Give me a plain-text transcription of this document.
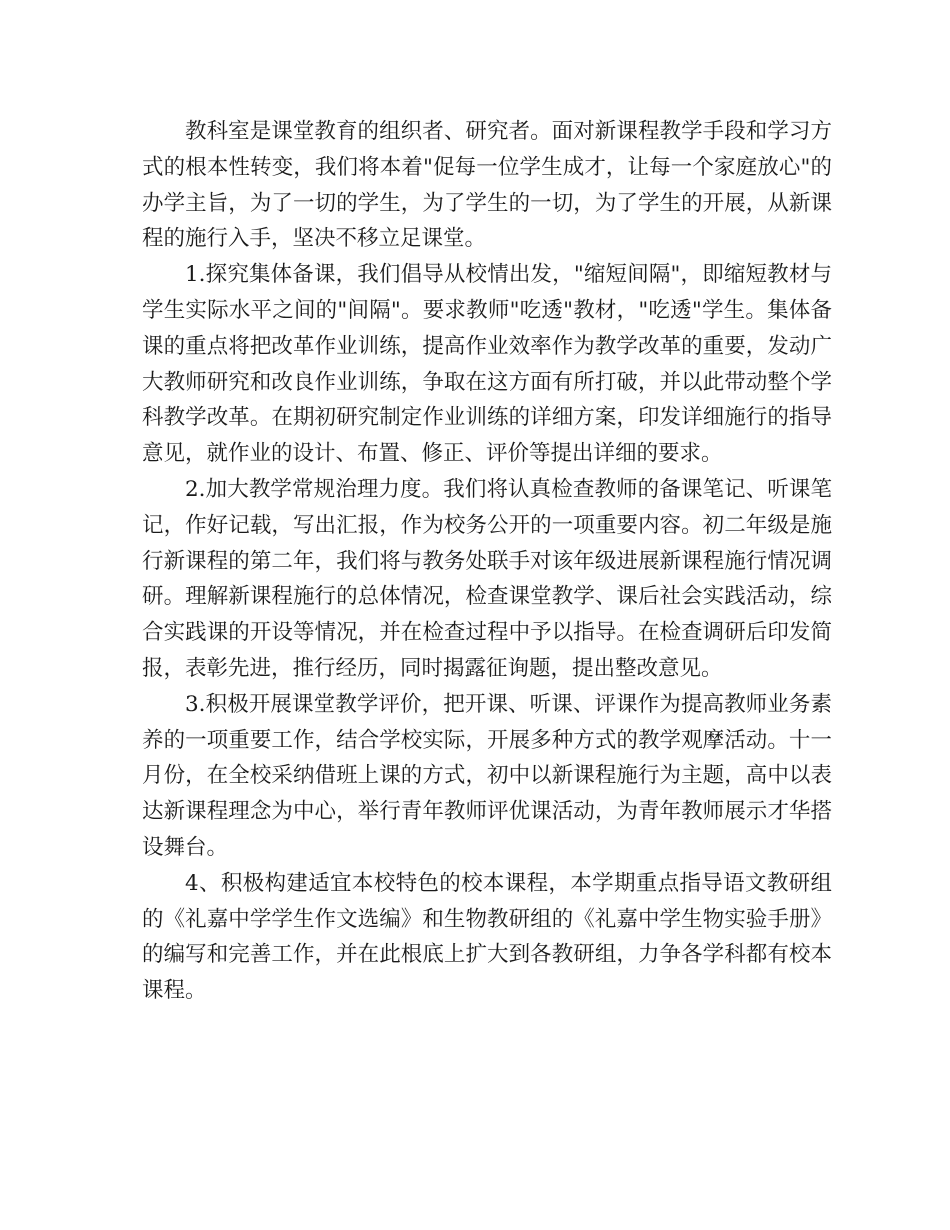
教科室是课堂教育的组织者、研究者。面对新课程教学手段和学习方式的根本性转变，我们将本着"促每一位学生成才，让每一个家庭放心"的办学主旨，为了一切的学生，为了学生的一切，为了学生的开展，从新课程的施行入手，坚决不移立足课堂。

1.探究集体备课，我们倡导从校情出发，"缩短间隔"，即缩短教材与学生实际水平之间的"间隔"。要求教师"吃透"教材，"吃透"学生。集体备课的重点将把改革作业训练，提高作业效率作为教学改革的重要，发动广大教师研究和改良作业训练，争取在这方面有所打破，并以此带动整个学科教学改革。在期初研究制定作业训练的详细方案，印发详细施行的指导意见，就作业的设计、布置、修正、评价等提出详细的要求。

2.加大教学常规治理力度。我们将认真检查教师的备课笔记、听课笔记，作好记载，写出汇报，作为校务公开的一项重要内容。初二年级是施行新课程的第二年，我们将与教务处联手对该年级进展新课程施行情况调研。理解新课程施行的总体情况，检查课堂教学、课后社会实践活动，综合实践课的开设等情况，并在检查过程中予以指导。在检查调研后印发简报，表彰先进，推行经历，同时揭露征询题，提出整改意见。

3.积极开展课堂教学评价，把开课、听课、评课作为提高教师业务素养的一项重要工作，结合学校实际，开展多种方式的教学观摩活动。十一月份，在全校采纳借班上课的方式，初中以新课程施行为主题，高中以表达新课程理念为中心，举行青年教师评优课活动，为青年教师展示才华搭设舞台。

4、积极构建适宜本校特色的校本课程，本学期重点指导语文教研组的《礼嘉中学学生作文选编》和生物教研组的《礼嘉中学生物实验手册》的编写和完善工作，并在此根底上扩大到各教研组，力争各学科都有校本课程。
